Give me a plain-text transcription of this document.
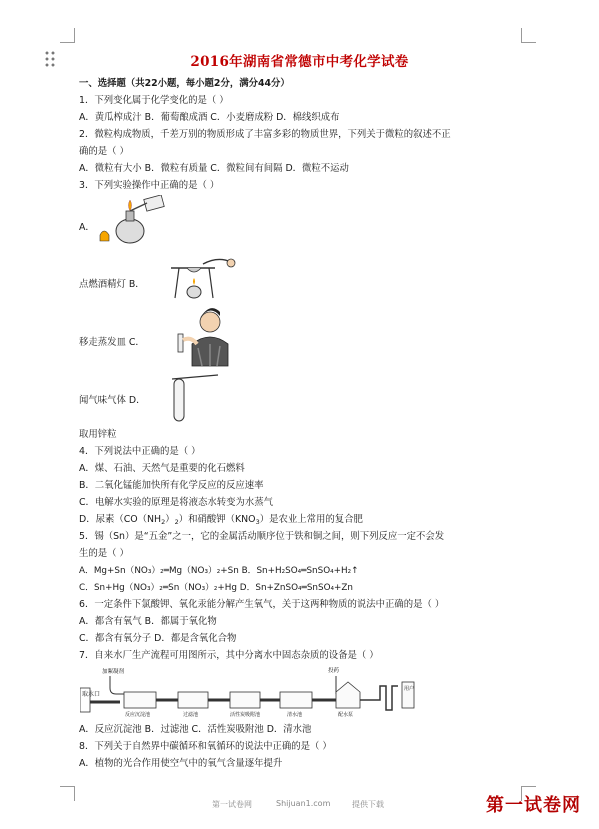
2016年湖南省常德市中考化学试卷
一、选择题（共22小题，每小题2分，满分44分）
1．下列变化属于化学变化的是（ ）
A．黄瓜榨成汁 B．葡萄酿成酒 C．小麦磨成粉 D．棉线织成布
2．微粒构成物质，千差万别的物质形成了丰富多彩的物质世界，下列关于微粒的叙述不正
确的是（ ）
A．微粒有大小 B．微粒有质量 C．微粒间有间隔 D．微粒不运动
3．下列实验操作中正确的是（ ）
A．
点燃酒精灯 B．
移走蒸发皿 C．
闻气味气体 D．
取用锌粒
4．下列说法中正确的是（ ）
A．煤、石油、天然气是重要的化石燃料
B．二氧化锰能加快所有化学反应的反应速率
C．电解水实验的原理是将液态水转变为水蒸气
D．尿素$(CO(NH_2)_2)$和硝酸钾$(KNO_3)$是农业上常用的复合肥
5．锡（Sn）是“五金”之一，它的金属活动顺序位于铁和铜之间，则下列反应一定不会发
生的是（ ）
A．Mg+Sn（NO₃）₂═Mg（NO₃）₂+Sn B．Sn+H₂SO₄═SnSO₄+H₂↑
C．Sn+Hg（NO₃）₂═Sn（NO₃）₂+Hg D．Sn+ZnSO₄═SnSO₄+Zn
6．一定条件下氯酸钾、氧化汞能分解产生氧气，关于这两种物质的说法中正确的是（ ）
A．都含有氧气 B．都属于氧化物
C．都含有氧分子 D．都是含氧化合物
7．自来水厂生产流程可用图所示，其中分离水中固态杂质的设备是（ ）
取水口
加絮凝剂
反应沉淀池	过滤池	活性炭吸附池	清水池
投药
配水泵
用户
A．反应沉淀池 B．过滤池 C．活性炭吸附池 D．清水池
8．下列关于自然界中碳循环和氧循环的说法中正确的是（ ）
A．植物的光合作用使空气中的氧气含量逐年提升
第一试卷网	Shijuan1.com	提供下载	第一试卷网
